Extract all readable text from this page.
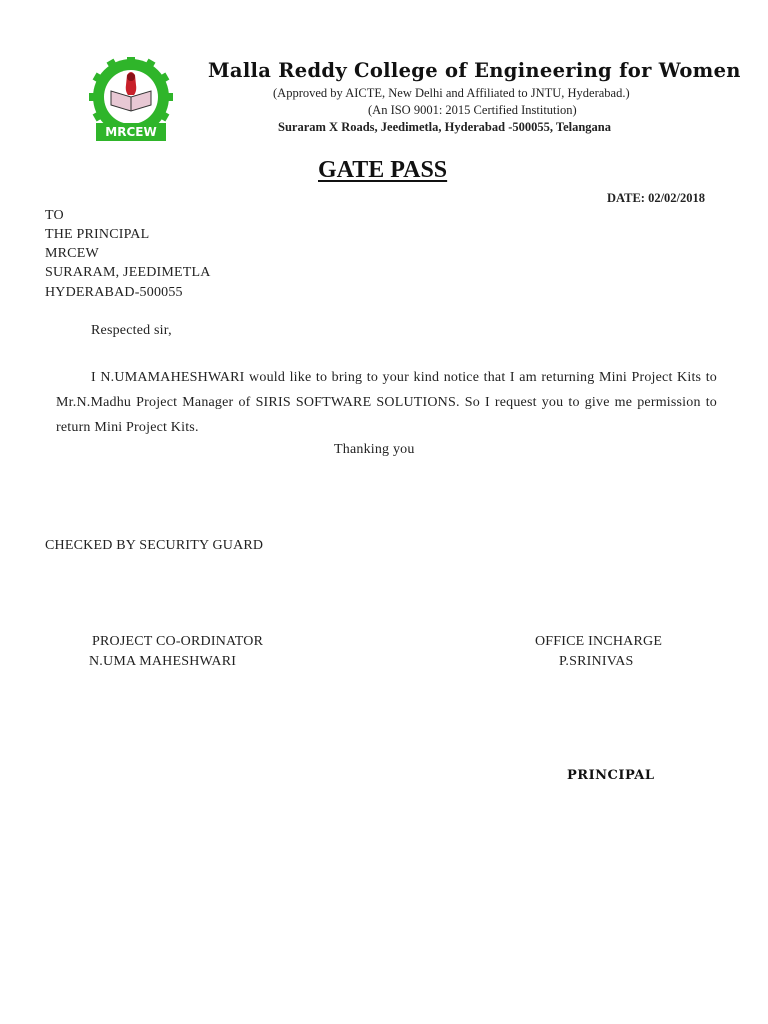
MRCEW
Malla Reddy College of Engineering for Women
(Approved by AICTE, New Delhi and Affiliated to JNTU, Hyderabad.)
(An ISO 9001: 2015 Certified Institution)
Suraram X Roads, Jeedimetla, Hyderabad -500055, Telangana
GATE PASS
DATE: 02/02/2018
TO
THE PRINCIPAL
MRCEW
SURARAM, JEEDIMETLA
HYDERABAD-500055
Respected sir,
I N.UMAMAHESHWARI would like to bring to your kind notice that I am returning Mini Project Kits to Mr.N.Madhu Project Manager of SIRIS SOFTWARE SOLUTIONS. So I request you to give me permission to return Mini Project Kits.
Thanking you
CHECKED BY SECURITY GUARD
PROJECT CO-ORDINATOR
N.UMA MAHESHWARI
OFFICE INCHARGE
P.SRINIVAS
PRINCIPAL
